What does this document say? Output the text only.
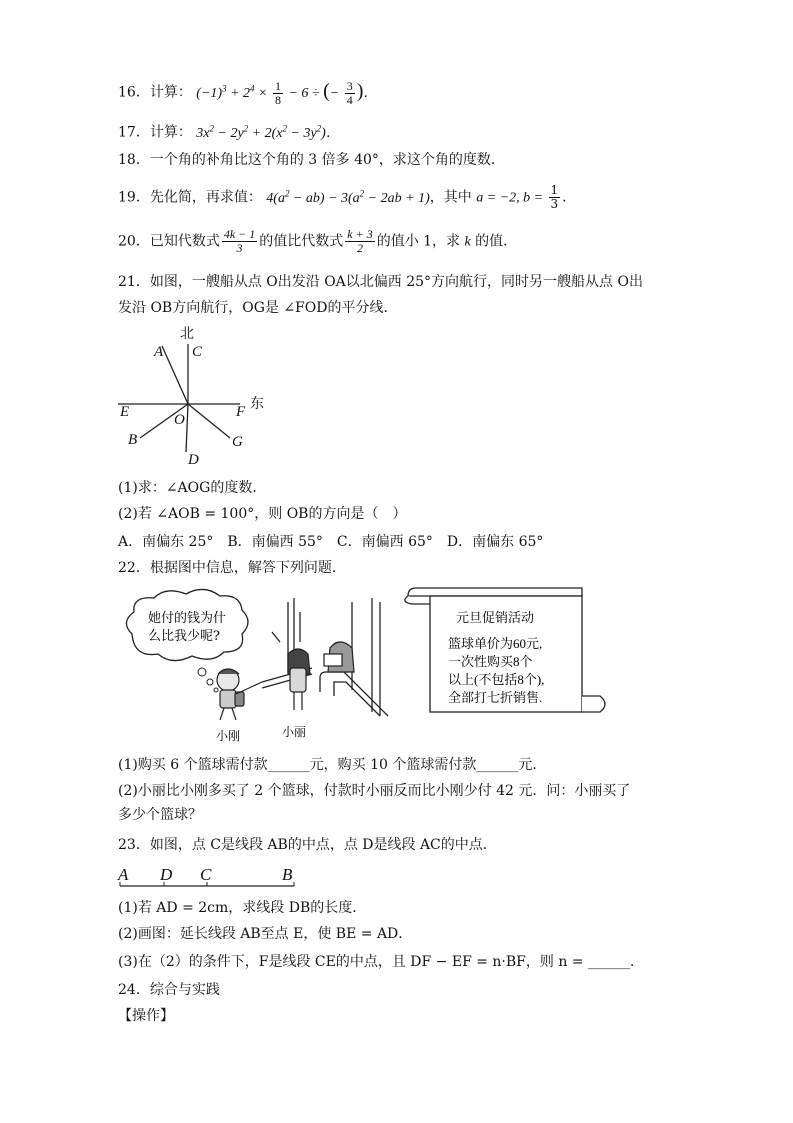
16．计算： $(-1)^3 + 2^4 \times \frac{1}{8} - 6$ ÷ (− $\frac{3}{4}$ )．
17．计算： $3x^2 - 2y^2 + 2(x^2 - 3y^2)$．
18．一个角的补角比这个角的 3 倍多 40°，求这个角的度数．
19．先化简，再求值： $4(a^2 - ab) - 3(a^2 - 2ab + 1)$，其中 a = −2, $b = \frac{1}{3}$ ．
20．已知代数式 $\frac{4k - 1}{3}$ 的值比代数式 $\frac{k + 3}{2}$ 的值小 1，求 k 的值．
21．如图，一艘船从点 O出发沿 OA以北偏西 25°方向航行，同时另一艘船从点 O出
发沿 OB方向航行，OG是 ∠FOD的平分线．
北
A C
E	F 东
O
B	G
D
(1)求：∠AOG的度数．
(2)若 ∠AOB = 100°，则 OB的方向是（　）
A．南偏东 25°　B．南偏西 55°　C．南偏西 65°　D．南偏东 65°
22．根据图中信息，解答下列问题．
她付的钱为什
么比我少呢?
小刚	小丽
元旦促销活动
篮球单价为60元,
一次性购买8个
以上(不包括8个),
全部打七折销售.
(1)购买 6 个篮球需付款______元，购买 10 个篮球需付款______元．
(2)小丽比小刚多买了 2 个篮球，付款时小丽反而比小刚少付 42 元．问：小丽买了
多少个篮球？
23．如图，点 C是线段 AB的中点，点 D是线段 AC的中点．
A D C	B
(1)若 AD = 2cm，求线段 DB的长度．
(2)画图：延长线段 AB至点 E，使 BE = AD．
(3)在（2）的条件下，F是线段 CE的中点，且 DF − EF = n·BF，则 n = ______．
24．综合与实践
【操作】
